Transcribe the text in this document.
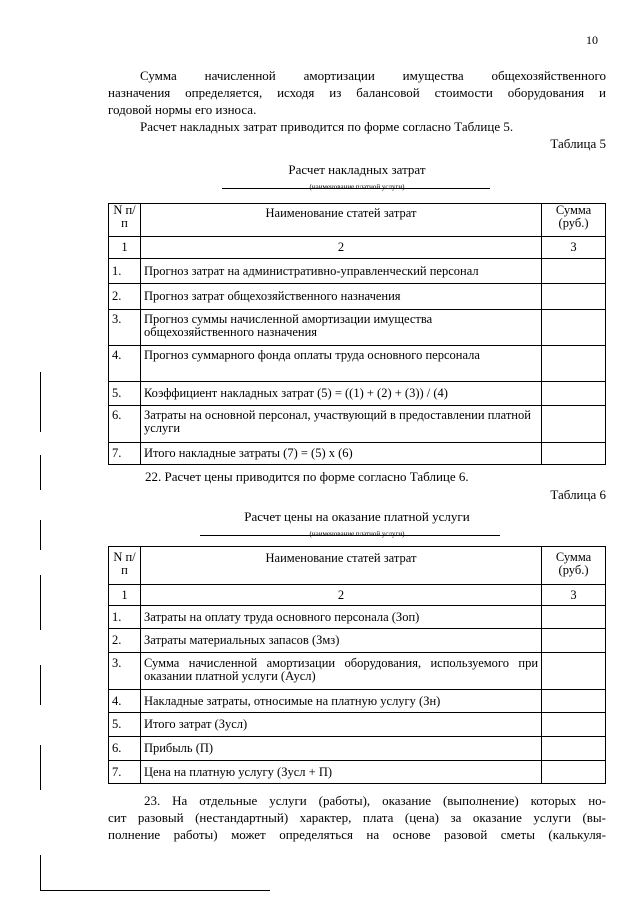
10
Сумма начисленной амортизации имущества общехозяйственного
назначения определяется, исходя из балансовой стоимости оборудования и
годовой нормы его износа.
Расчет накладных затрат приводится по форме согласно Таблице 5.
Таблица 5
Расчет накладных затрат
(наименование платной услуги)
N п/п	Наименование статей затрат	Сумма (руб.)
1	2	3
1.	Прогноз затрат на административно-управленческий персонал	
2.	Прогноз затрат общехозяйственного назначения	
3.	Прогноз суммы начисленной амортизации имущества общехозяйственного назначения	
4.	Прогноз суммарного фонда оплаты труда основного персонала	
5.	Коэффициент накладных затрат (5) = ((1) + (2) + (3)) / (4)	
6.	Затраты на основной персонал, участвующий в предоставлении платной услуги	
7.	Итого накладные затраты (7) = (5) x (6)	
22. Расчет цены приводится по форме согласно Таблице 6.
Таблица 6
Расчет цены на оказание платной услуги
(наименование платной услуги)
N п/п	Наименование статей затрат	Сумма (руб.)
1	2	3
1.	Затраты на оплату труда основного персонала (Зоп)	
2.	Затраты материальных запасов (Змз)	
3.	Сумма начисленной амортизации оборудования, используемого при оказании платной услуги (Аусл)	
4.	Накладные затраты, относимые на платную услугу (Зн)	
5.	Итого затрат (Зусл)	
6.	Прибыль (П)	
7.	Цена на платную услугу (Зусл + П)	
23. На отдельные услуги (работы), оказание (выполнение) которых но-
сит разовый (нестандартный) характер, плата (цена) за оказание услуги (вы-
полнение работы) может определяться на основе разовой сметы (калькуля-
